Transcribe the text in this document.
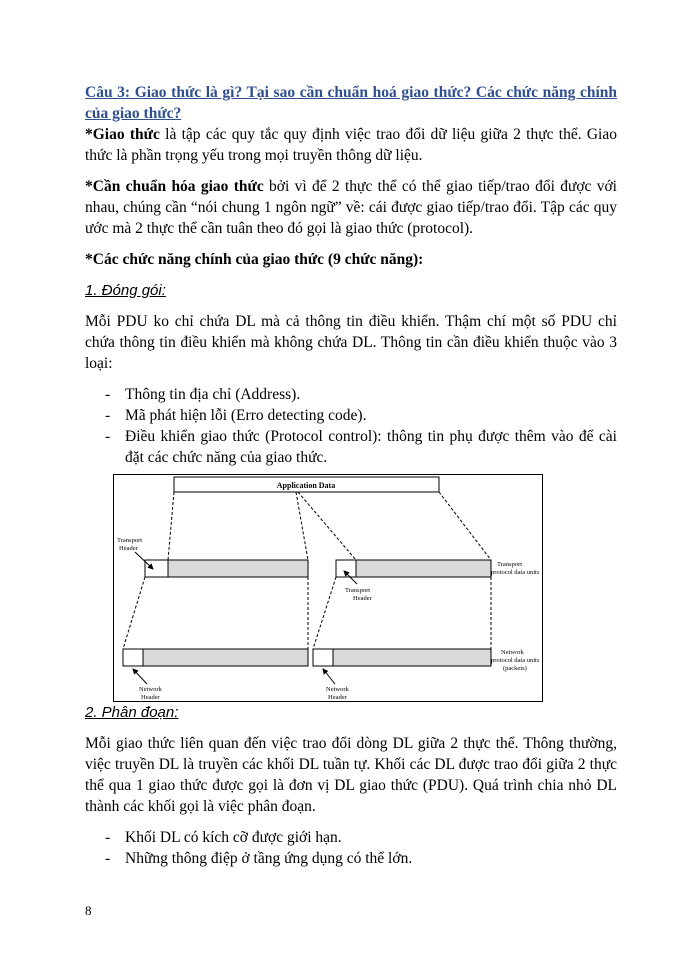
Câu 3: Giao thức là gì? Tại sao cần chuẩn hoá giao thức? Các chức năng chính của giao thức?

*Giao thức là tập các quy tắc quy định việc trao đổi dữ liệu giữa 2 thực thể. Giao thức là phần trọng yếu trong mọi truyền thông dữ liệu.

*Cần chuẩn hóa giao thức bởi vì để 2 thực thể có thể giao tiếp/trao đổi được với nhau, chúng cần “nói chung 1 ngôn ngữ” về: cái được giao tiếp/trao đổi. Tập các quy ước mà 2 thực thể cần tuân theo đó gọi là giao thức (protocol).

*Các chức năng chính của giao thức (9 chức năng):

1. Đóng gói:

Mỗi PDU ko chỉ chứa DL mà cả thông tin điều khiển. Thậm chí một số PDU chỉ chứa thông tin điều khiển mà không chứa DL. Thông tin cần điều khiển thuộc vào 3 loại:

- Thông tin địa chỉ (Address).
- Mã phát hiện lỗi (Erro detecting code).
- Điều khiển giao thức (Protocol control): thông tin phụ được thêm vào để cài đặt các chức năng của giao thức.
Application Data
Transport
Header
Transport
Header
Transport
protocol data units
Network
protocol data units
(packets)
Network
Header
Network
Header

2. Phân đoạn:

Mỗi giao thức liên quan đến việc trao đổi dòng DL giữa 2 thực thể. Thông thường, việc truyền DL là truyền các khối DL tuần tự. Khối các DL được trao đổi giữa 2 thực thể qua 1 giao thức được gọi là đơn vị DL giao thức (PDU). Quá trình chia nhỏ DL thành các khối gọi là việc phân đoạn.

- Khối DL có kích cỡ được giới hạn.
- Những thông điệp ở tầng ứng dụng có thể lớn.
8
